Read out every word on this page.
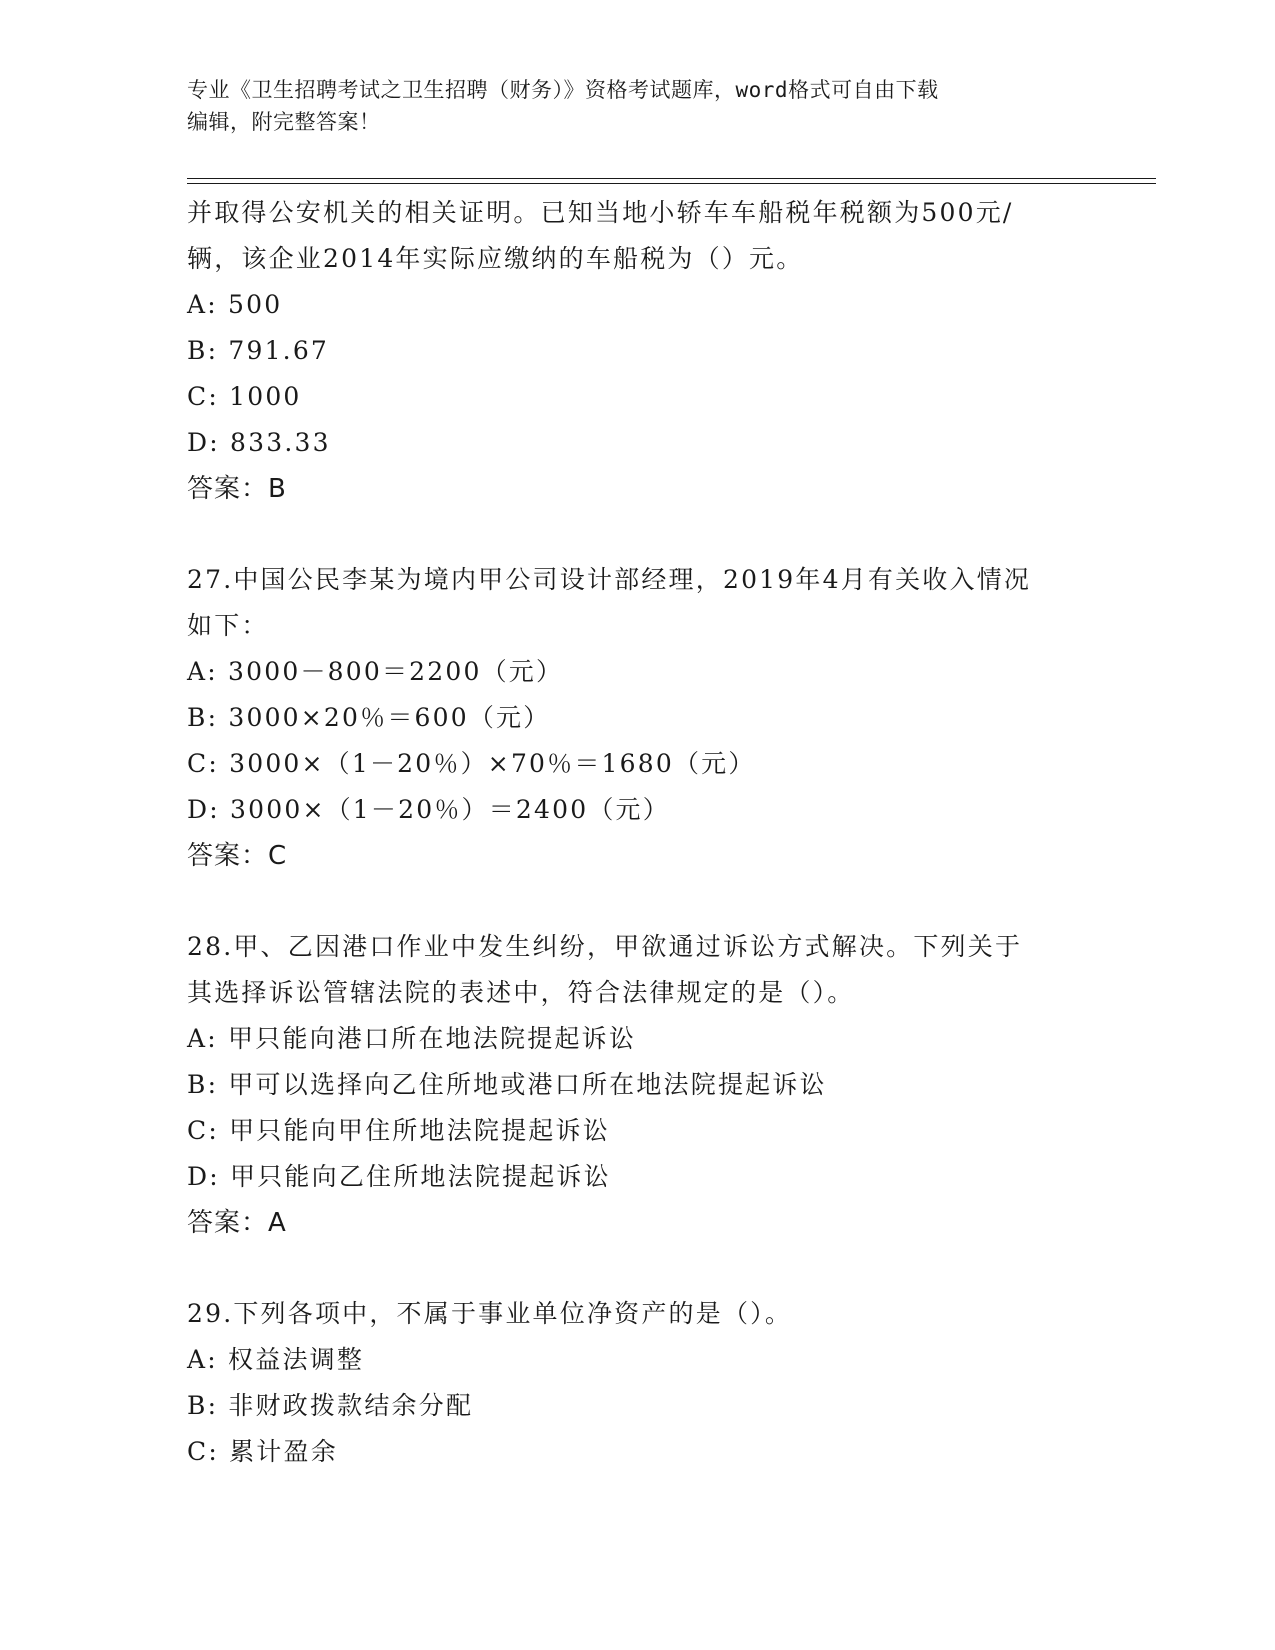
专业《卫生招聘考试之卫生招聘（财务）》资格考试题库，word格式可自由下载
编辑，附完整答案！
并取得公安机关的相关证明。已知当地小轿车车船税年税额为500元/
辆，该企业2014年实际应缴纳的车船税为（）元。
A: 500
B: 791.67
C: 1000
D: 833.33
答案：B
27.中国公民李某为境内甲公司设计部经理，2019年4月有关收入情况
如下：
A: 3000－800＝2200（元）
B: 3000×20％＝600（元）
C: 3000×（1－20％）×70％＝1680（元）
D: 3000×（1－20％）＝2400（元）
答案：C
28.甲、乙因港口作业中发生纠纷，甲欲通过诉讼方式解决。下列关于
其选择诉讼管辖法院的表述中，符合法律规定的是（）。
A: 甲只能向港口所在地法院提起诉讼
B: 甲可以选择向乙住所地或港口所在地法院提起诉讼
C: 甲只能向甲住所地法院提起诉讼
D: 甲只能向乙住所地法院提起诉讼
答案：A
29.下列各项中，不属于事业单位净资产的是（）。
A: 权益法调整
B: 非财政拨款结余分配
C: 累计盈余
